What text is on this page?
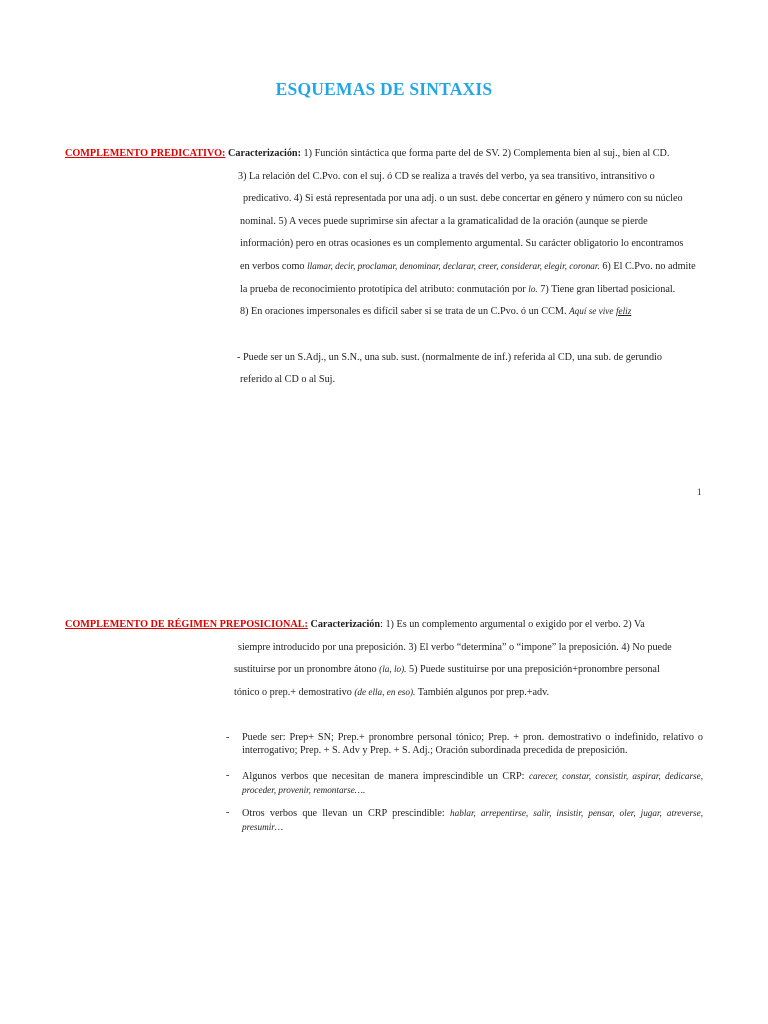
ESQUEMAS DE SINTAXIS
COMPLEMENTO PREDICATIVO: Caracterización: 1) Función sintáctica que forma parte del de SV. 2) Complementa bien al suj., bien al CD.
3) La relación del C.Pvo. con el suj. ó CD se realiza a través del verbo, ya sea transitivo, intransitivo o
predicativo. 4) Si está representada por una adj. o un sust. debe concertar en género y número con su núcleo
nominal. 5) A veces puede suprimirse sin afectar a la gramaticalidad de la oración (aunque se pierde
información) pero en otras ocasiones es un complemento argumental. Su carácter obligatorio lo encontramos
en verbos como llamar, decir, proclamar, denominar, declarar, creer, considerar, elegir, coronar. 6) El C.Pvo. no admite
la prueba de reconocimiento prototípica del atributo: conmutación por lo. 7) Tiene gran libertad posicional.
8) En oraciones impersonales es difícil saber si se trata de un C.Pvo. ó un CCM. Aquí se vive feliz
- Puede ser un S.Adj., un S.N., una sub. sust. (normalmente de inf.) referida al CD, una sub. de gerundio
referido al CD o al Suj.
1
COMPLEMENTO DE RÉGIMEN PREPOSICIONAL: Caracterización: 1) Es un complemento argumental o exigido por el verbo. 2) Va
siempre introducido por una preposición. 3) El verbo “determina” o “impone” la preposición. 4) No puede
sustituirse por un pronombre átono (la, lo). 5) Puede sustituirse por una preposición+pronombre personal
tónico o prep.+ demostrativo (de ella, en eso). También algunos por prep.+adv.
- Puede ser: Prep+ SN; Prep.+ pronombre personal tónico; Prep. + pron. demostrativo o indefinido, relativo o interrogativo; Prep. + S. Adv y Prep. + S. Adj.; Oración subordinada precedida de preposición.
- Algunos verbos que necesitan de manera imprescindible un CRP: carecer, constar, consistir, aspirar, dedicarse, proceder, provenir, remontarse….
- Otros verbos que llevan un CRP prescindible: hablar, arrepentirse, salir, insistir, pensar, oler, jugar, atreverse, presumir…
